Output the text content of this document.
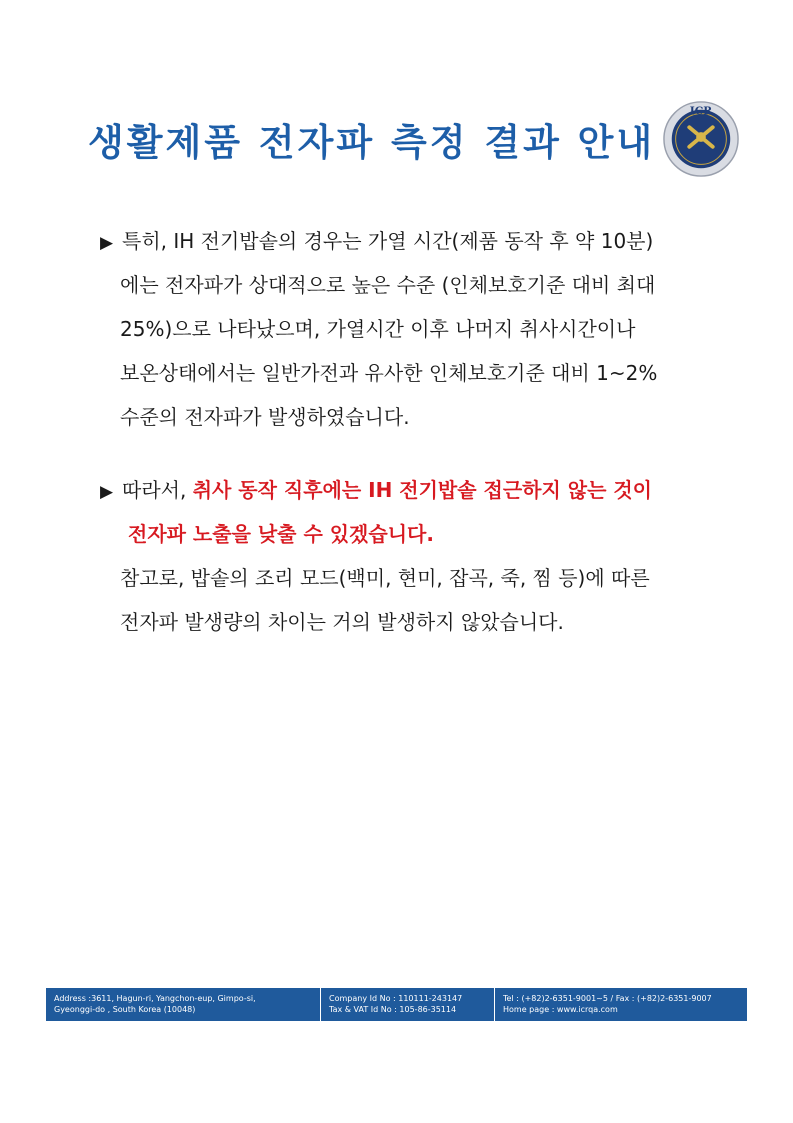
생활제품 전자파 측정 결과 안내
ICR
▶ 특히, IH 전기밥솥의 경우는 가열 시간(제품 동작 후 약 10분)
에는 전자파가 상대적으로 높은 수준 (인체보호기준 대비 최대
25%)으로 나타났으며, 가열시간 이후 나머지 취사시간이나
보온상태에서는 일반가전과 유사한 인체보호기준 대비 1~2%
수준의 전자파가 발생하였습니다.
▶ 따라서, 취사 동작 직후에는 IH 전기밥솥 접근하지 않는 것이
전자파 노출을 낮출 수 있겠습니다.
참고로, 밥솥의 조리 모드(백미, 현미, 잡곡, 죽, 찜 등)에 따른
전자파 발생량의 차이는 거의 발생하지 않았습니다.
Address :3611, Hagun-ri, Yangchon-eup, Gimpo-si,
Gyeonggi-do , South Korea (10048)
Company Id No : 110111-243147
Tax & VAT Id No : 105-86-35114
Tel : (+82)2-6351-9001~5 / Fax : (+82)2-6351-9007
Home page : www.icrqa.com
